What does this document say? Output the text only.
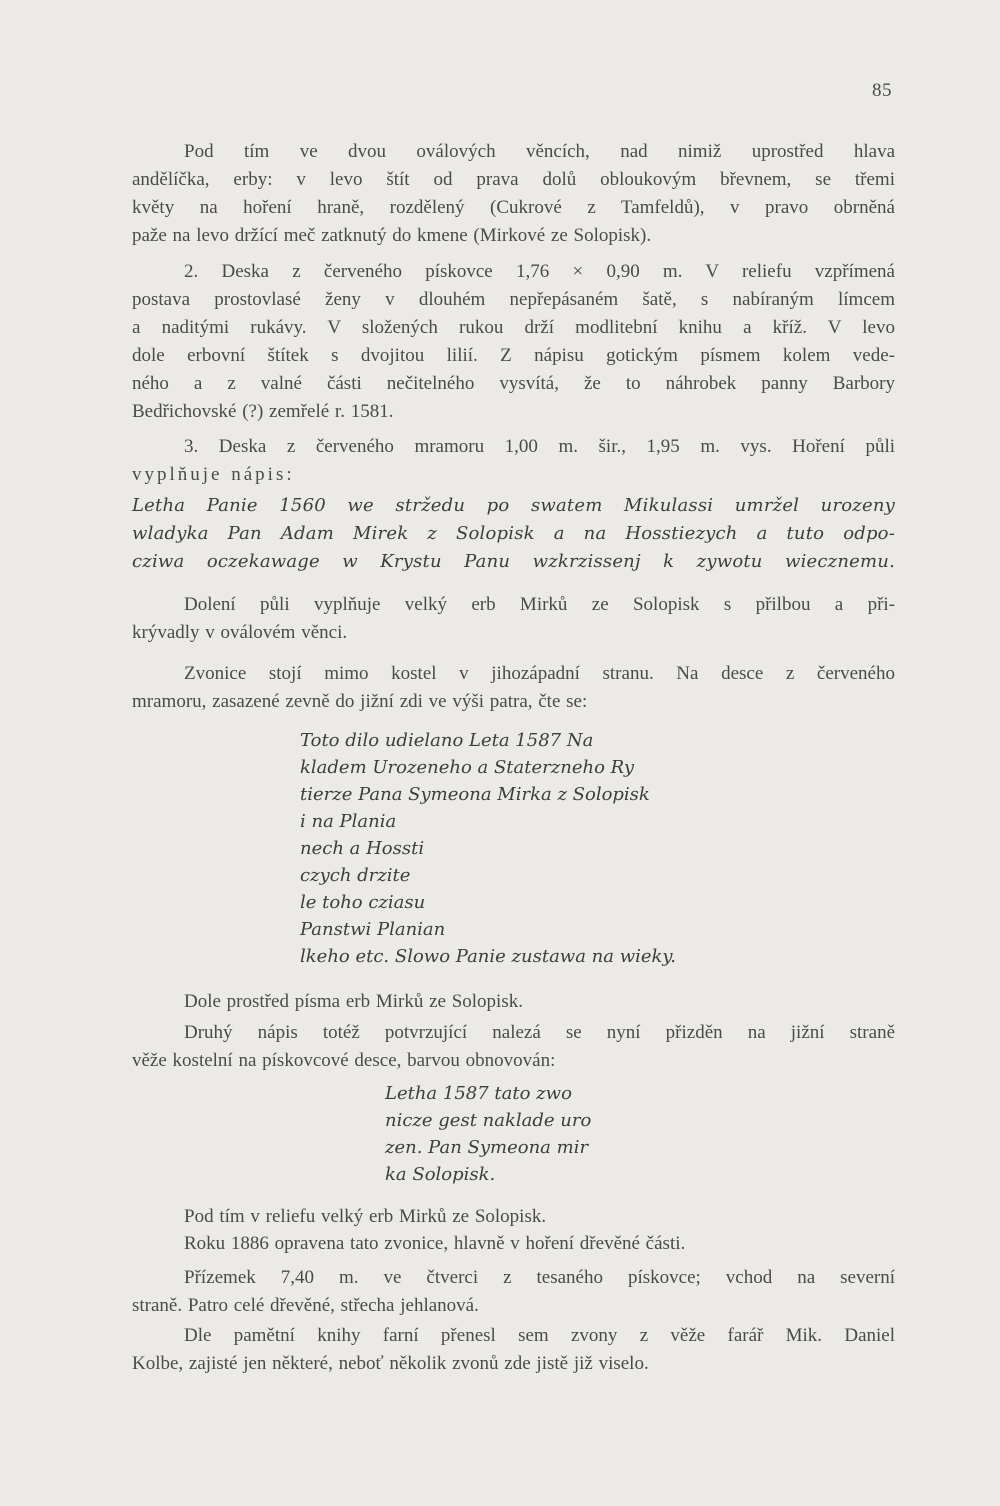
85
Pod tím ve dvou oválových věncích, nad nimiž uprostřed hlava
andělíčka, erby: v levo štít od prava dolů obloukovým břevnem, se třemi
květy na hoření hraně, rozdělený (Cukrové z Tamfeldů), v pravo obrněná
paže na levo držící meč zatknutý do kmene (Mirkové ze Solopisk).
2. Deska z červeného pískovce 1,76 × 0,90 m. V reliefu vzpřímená
postava prostovlasé ženy v dlouhém nepřepásaném šatě, s nabíraným límcem
a naditými rukávy. V složených rukou drží modlitební knihu a kříž. V levo
dole erbovní štítek s dvojitou lilií. Z nápisu gotickým písmem kolem vede-
ného a z valné části nečitelného vysvítá, že to náhrobek panny Barbory
Bedřichovské (?) zemřelé r. 1581.
3. Deska z červeného mramoru 1,00 m. šir., 1,95 m. vys. Hoření půli
vyplňuje nápis:
Letha Panie 1560 we stržedu po swatem Mikulassi umržel urozeny
wladyka Pan Adam Mirek z Solopisk a na Hosstiezych a tuto odpo-
cziwa oczekawage w Krystu Panu wzkrzissenj k zywotu wiecznemu.
Dolení půli vyplňuje velký erb Mirků ze Solopisk s přilbou a při-
krývadly v oválovém věnci.
Zvonice stojí mimo kostel v jihozápadní stranu. Na desce z červeného
mramoru, zasazené zevně do jižní zdi ve výši patra, čte se:
Toto dilo udielano Leta 1587 Na
kladem Urozeneho a Staterzneho Ry
tierze Pana Symeona Mirka z Solopisk
i na Plania
nech a Hossti
czych drzite
le toho cziasu
Panstwi Planian
lkeho etc. Slowo Panie zustawa na wieky.
Dole prostřed písma erb Mirků ze Solopisk.
Druhý nápis totéž potvrzující nalezá se nyní přizděn na jižní straně
věže kostelní na pískovcové desce, barvou obnovován:
Letha 1587 tato zwo
nicze gest naklade uro
zen. Pan Symeona mir
ka Solopisk.
Pod tím v reliefu velký erb Mirků ze Solopisk.
Roku 1886 opravena tato zvonice, hlavně v hoření dřevěné části.
Přízemek 7,40 m. ve čtverci z tesaného pískovce; vchod na severní
straně. Patro celé dřevěné, střecha jehlanová.
Dle pamětní knihy farní přenesl sem zvony z věže farář Mik. Daniel
Kolbe, zajisté jen některé, neboť několik zvonů zde jistě již viselo.
